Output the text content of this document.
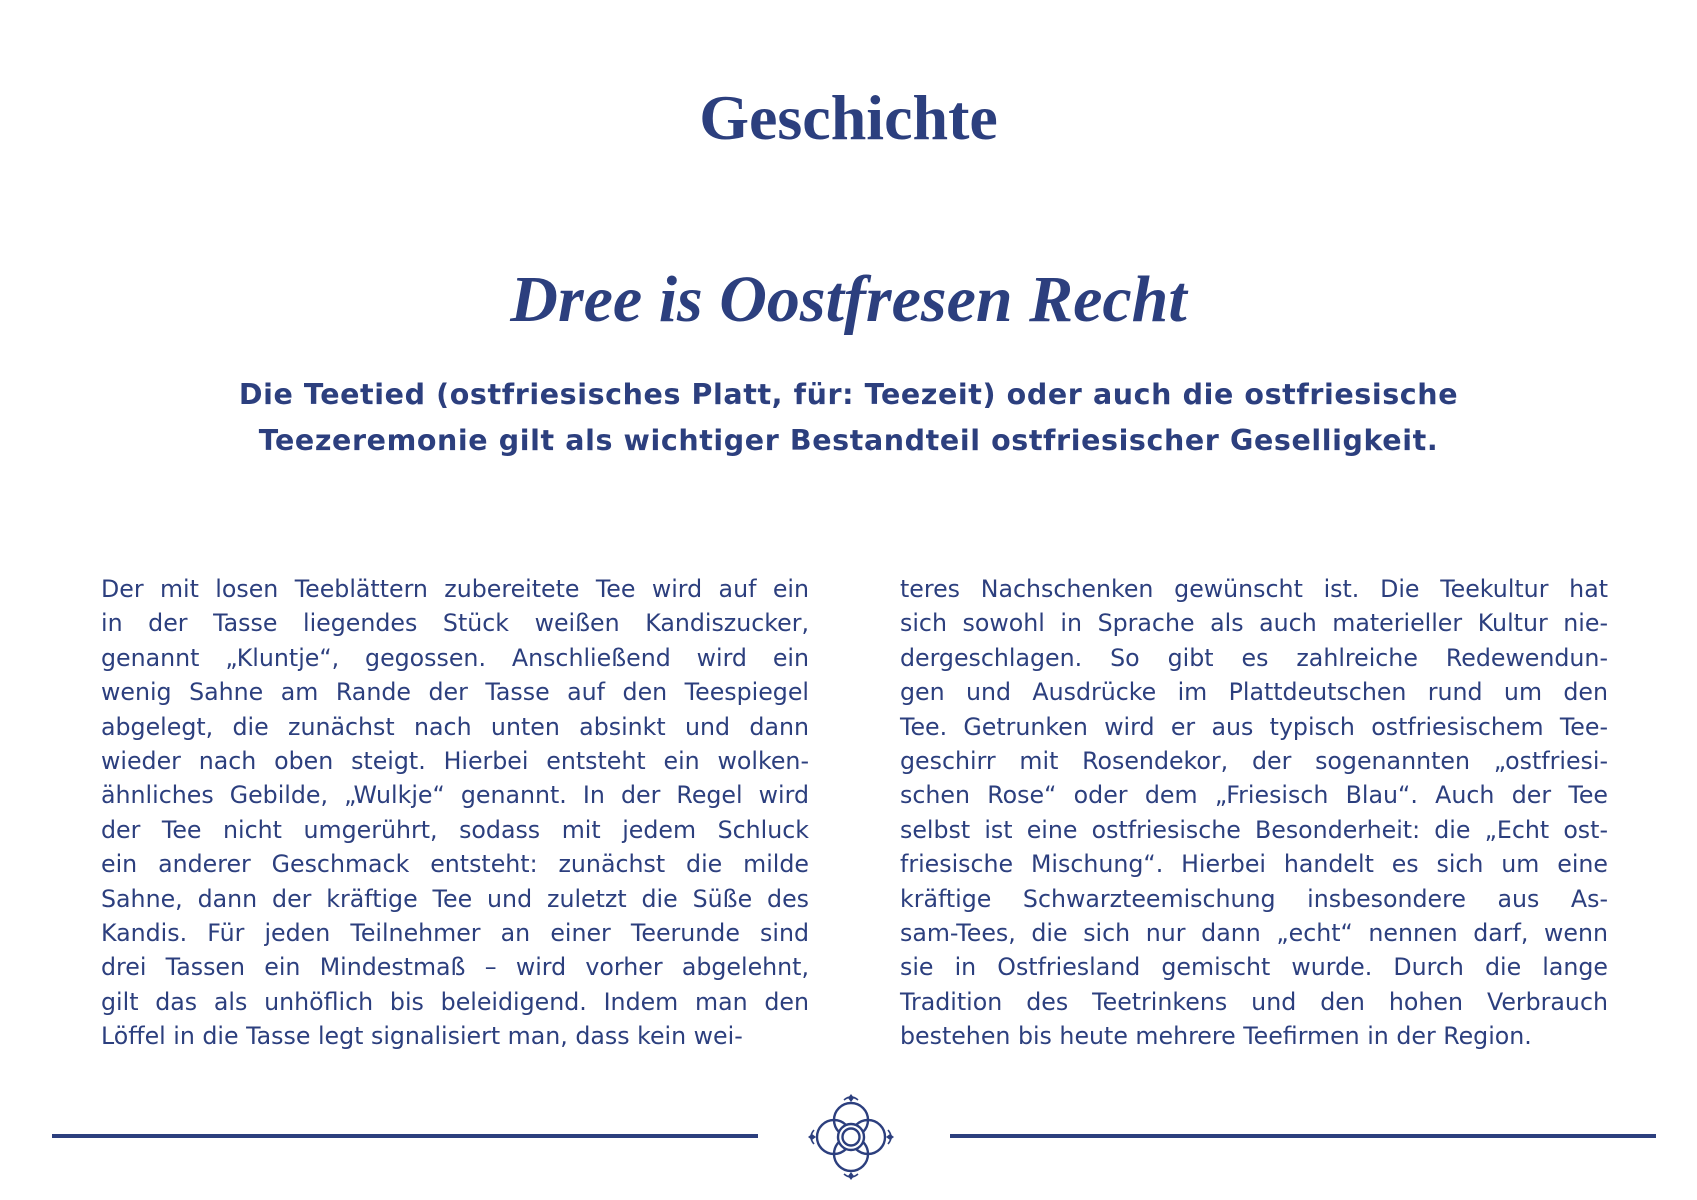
Geschichte
Dree is Oostfresen Recht
Die Teetied (ostfriesisches Platt, für: Teezeit) oder auch die ostfriesische
Teezeremonie gilt als wichtiger Bestandteil ostfriesischer Geselligkeit.
Der mit losen Teeblättern zubereitete Tee wird auf ein
in der Tasse liegendes Stück weißen Kandiszucker,
genannt „Kluntje“, gegossen. Anschließend wird ein
wenig Sahne am Rande der Tasse auf den Teespiegel
abgelegt, die zunächst nach unten absinkt und dann
wieder nach oben steigt. Hierbei entsteht ein wolken-
ähnliches Gebilde, „Wulkje“ genannt. In der Regel wird
der Tee nicht umgerührt, sodass mit jedem Schluck
ein anderer Geschmack entsteht: zunächst die milde
Sahne, dann der kräftige Tee und zuletzt die Süße des
Kandis. Für jeden Teilnehmer an einer Teerunde sind
drei Tassen ein Mindestmaß – wird vorher abgelehnt,
gilt das als unhöflich bis beleidigend. Indem man den
Löffel in die Tasse legt signalisiert man, dass kein wei-
teres Nachschenken gewünscht ist. Die Teekultur hat
sich sowohl in Sprache als auch materieller Kultur nie-
dergeschlagen. So gibt es zahlreiche Redewendun-
gen und Ausdrücke im Plattdeutschen rund um den
Tee. Getrunken wird er aus typisch ostfriesischem Tee-
geschirr mit Rosendekor, der sogenannten „ostfriesi-
schen Rose“ oder dem „Friesisch Blau“. Auch der Tee
selbst ist eine ostfriesische Besonderheit: die „Echt ost-
friesische Mischung“. Hierbei handelt es sich um eine
kräftige Schwarzteemischung insbesondere aus As-
sam-Tees, die sich nur dann „echt“ nennen darf, wenn
sie in Ostfriesland gemischt wurde. Durch die lange
Tradition des Teetrinkens und den hohen Verbrauch
bestehen bis heute mehrere Teefirmen in der Region.
